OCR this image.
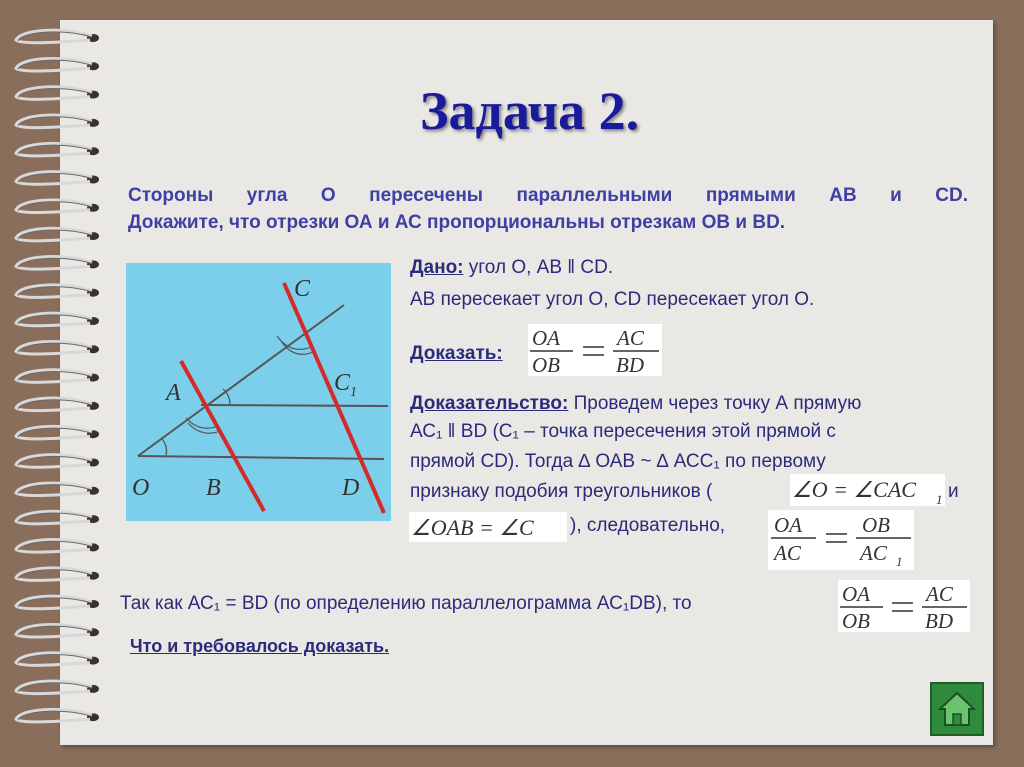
Задача 2.
Стороны угла О пересечены параллельными прямыми АВ и CD.
Докажите, что отрезки ОА и АС пропорциональны отрезкам ОВ и BD.
C
$C_1$
A
O B	D
Дано: угол О, АВ ǁ CD.
АВ пересекает угол О, CD пересекает угол О.
Доказать:
OA
OB
AC
BD
Доказательство: Проведем через точку А прямую
АС₁ ǁ BD (С₁ – точка пересечения этой прямой с
прямой CD). Тогда ∆ ОАВ ~ ∆ АСС₁ по первому
признаку подобия треугольников (	∠O = ∠CAC 1 и
∠OAB = ∠C ), следовательно, OA
AC
OB
AC 1
Так как АС₁ = BD (по определению параллелограмма АС₁DB), то	OA
OB
AC
BD
Что и требовалось доказать.
